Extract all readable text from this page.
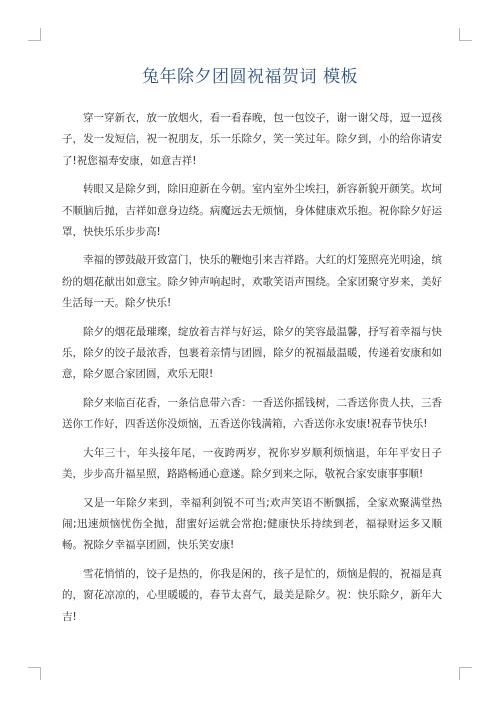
兔年除夕团圆祝福贺词 模板

穿一穿新衣，放一放烟火，看一看春晚，包一包饺子，谢一谢父母，逗一逗孩子，发一发短信，祝一祝朋友，乐一乐除夕，笑一笑过年。除夕到，小的给你请安了!祝您福寿安康，如意吉祥!

转眼又是除夕到，除旧迎新在今朝。室内室外尘埃扫，新容新貌开颜笑。坎坷不顺脑后抛，吉祥如意身边绕。病魔远去无烦恼，身体健康欢乐抱。祝你除夕好运罩，快快乐乐步步高!

幸福的锣鼓敲开致富门，快乐的鞭炮引来吉祥路。大红的灯笼照亮光明途，缤纷的烟花献出如意宝。除夕钟声响起时，欢歌笑语声围绕。全家团聚守岁来，美好生活每一天。除夕快乐!

除夕的烟花最璀璨，绽放着吉祥与好运，除夕的笑容最温馨，抒写着幸福与快乐，除夕的饺子最浓香，包裹着亲情与团圆，除夕的祝福最温暖，传递着安康和如意，除夕愿合家团圆，欢乐无限!

除夕来临百花香，一条信息带六香：一香送你摇钱树，二香送你贵人扶，三香送你工作好，四香送你没烦恼，五香送你钱满箱，六香送你永安康!祝春节快乐!

大年三十，年头接年尾，一夜跨两岁，祝你岁岁顺利烦恼退，年年平安日子美，步步高升福星照，路路畅通心意遂。除夕到来之际，敬祝合家安康事事顺!

又是一年除夕来到，幸福利剑锐不可当;欢声笑语不断飘摇，全家欢聚满堂热闹;迅速烦恼忧伤全抛，甜蜜好运就会常抱;健康快乐持续到老，福禄财运多又顺畅。祝除夕幸福享团圆，快乐笑安康!

雪花悄悄的，饺子是热的，你我是闲的，孩子是忙的，烦恼是假的，祝福是真的，窗花凉凉的，心里暖暖的，春节太喜气，最美是除夕。祝：快乐除夕，新年大吉!
